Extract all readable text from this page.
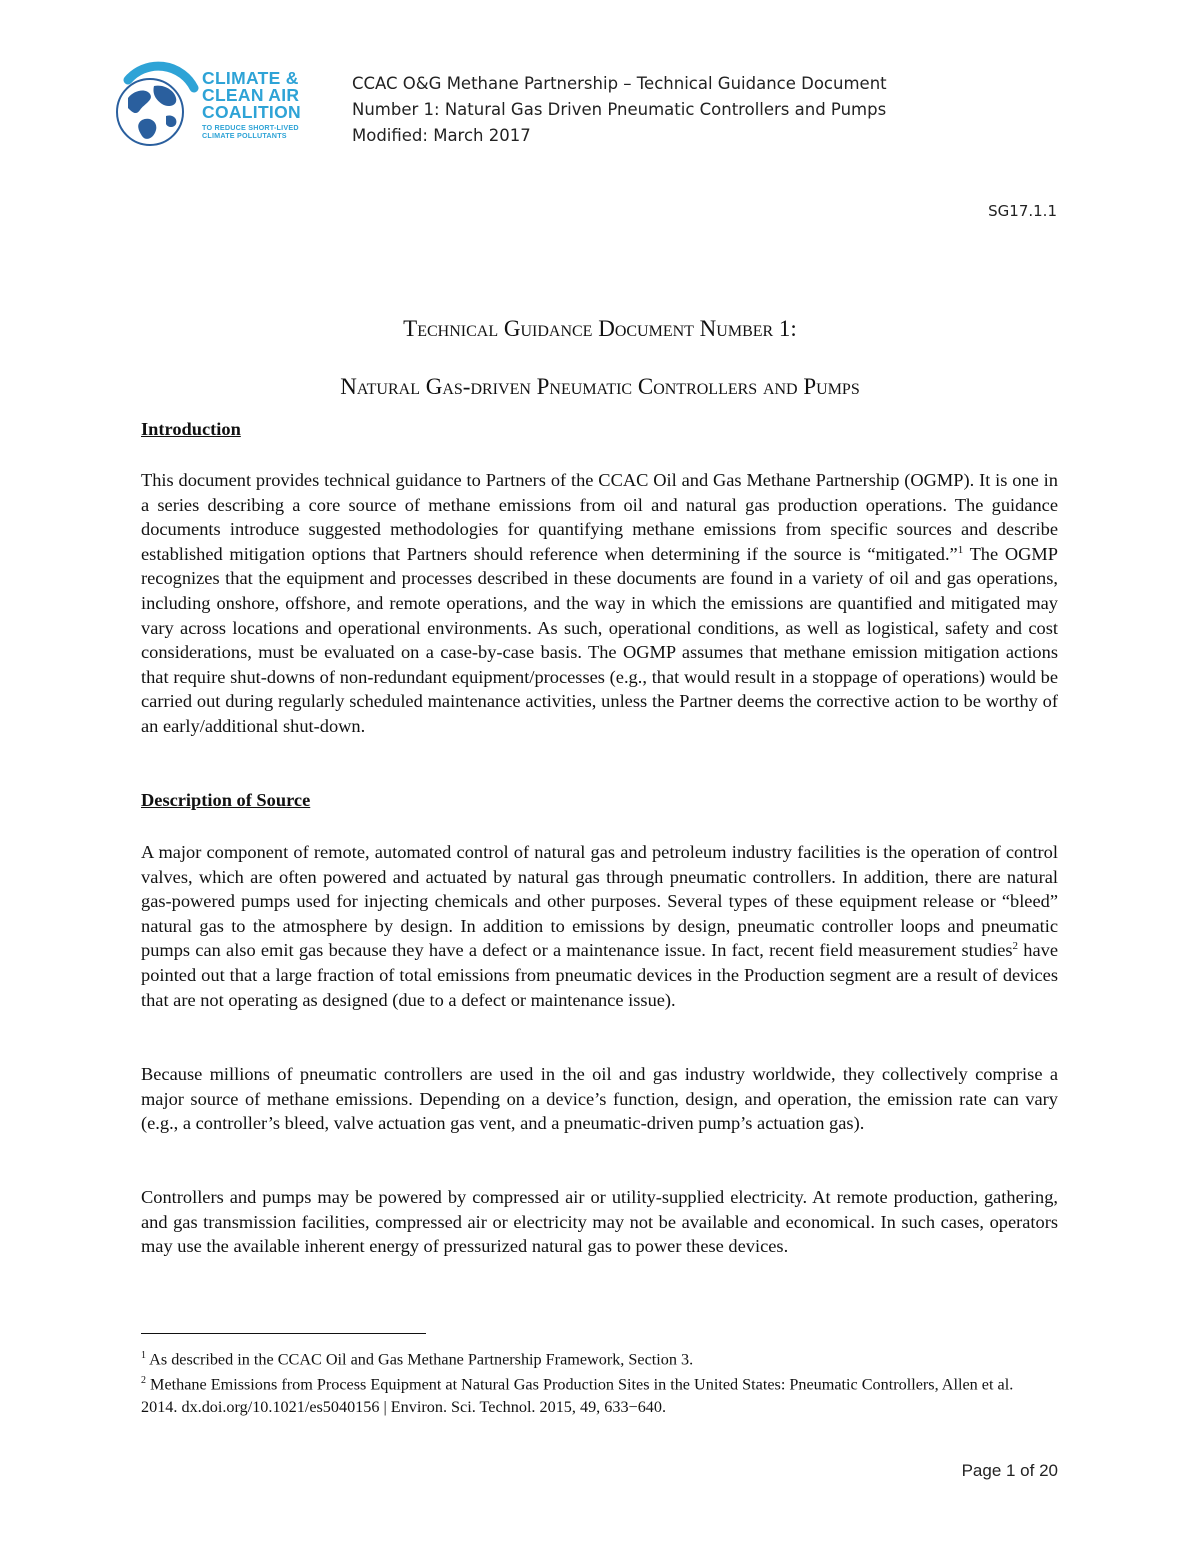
CLIMATE &
CLEAN AIR
COALITION
TO REDUCE SHORT-LIVED
CLIMATE POLLUTANTS
CCAC O&G Methane Partnership – Technical Guidance Document
Number 1: Natural Gas Driven Pneumatic Controllers and Pumps
Modified: March 2017
SG17.1.1
Technical Guidance Document Number 1:
Natural Gas-driven Pneumatic Controllers and Pumps
Introduction

This document provides technical guidance to Partners of the CCAC Oil and Gas Methane Partnership (OGMP). It is one in a series describing a core source of methane emissions from oil and natural gas production operations. The guidance documents introduce suggested methodologies for quantifying methane emissions from specific sources and describe established mitigation options that Partners should reference when determining if the source is “mitigated.”$^1$ The OGMP recognizes that the equipment and processes described in these documents are found in a variety of oil and gas operations, including onshore, offshore, and remote operations, and the way in which the emissions are quantified and mitigated may vary across locations and operational environments. As such, operational conditions, as well as logistical, safety and cost considerations, must be evaluated on a case-by-case basis. The OGMP assumes that methane emission mitigation actions that require shut-downs of non-redundant equipment/processes (e.g., that would result in a stoppage of operations) would be carried out during regularly scheduled maintenance activities, unless the Partner deems the corrective action to be worthy of an early/additional shut-down.

Description of Source

A major component of remote, automated control of natural gas and petroleum industry facilities is the operation of control valves, which are often powered and actuated by natural gas through pneumatic controllers. In addition, there are natural gas-powered pumps used for injecting chemicals and other purposes. Several types of these equipment release or “bleed” natural gas to the atmosphere by design. In addition to emissions by design, pneumatic controller loops and pneumatic pumps can also emit gas because they have a defect or a maintenance issue. In fact, recent field measurement studies$^2$ have pointed out that a large fraction of total emissions from pneumatic devices in the Production segment are a result of devices that are not operating as designed (due to a defect or maintenance issue).

Because millions of pneumatic controllers are used in the oil and gas industry worldwide, they collectively comprise a major source of methane emissions. Depending on a device’s function, design, and operation, the emission rate can vary (e.g., a controller’s bleed, valve actuation gas vent, and a pneumatic-driven pump’s actuation gas).

Controllers and pumps may be powered by compressed air or utility-supplied electricity. At remote production, gathering, and gas transmission facilities, compressed air or electricity may not be available and economical. In such cases, operators may use the available inherent energy of pressurized natural gas to power these devices.

$^1$ As described in the CCAC Oil and Gas Methane Partnership Framework, Section 3.

$^2$ Methane Emissions from Process Equipment at Natural Gas Production Sites in the United States: Pneumatic Controllers, Allen et al. 2014. dx.doi.org/10.1021/es5040156 | Environ. Sci. Technol. 2015, 49, 633−640.

Page 1 of 20
